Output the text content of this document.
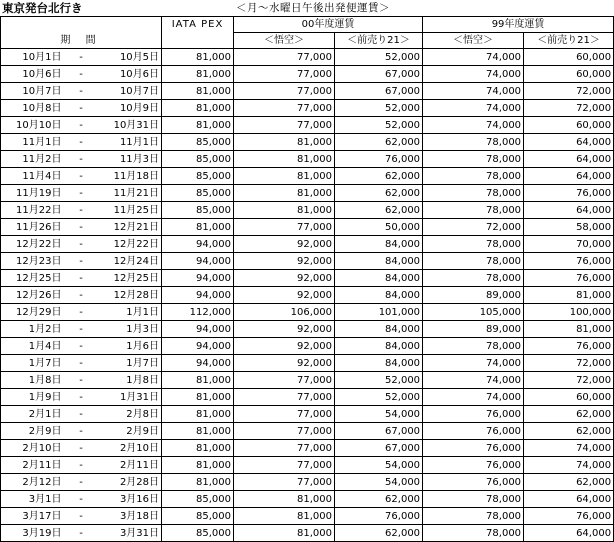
東京発台北行き	＜月～水曜日午後出発便運賃＞
			IATA PEX	00年度運賃		99年度運賃	
期 間				＜悟空＞	＜前売り21＞	＜悟空＞	＜前売り21＞
10月1日	-	10月5日	81,000	77,000	52,000	74,000	60,000
10月6日	-	10月6日	81,000	77,000	67,000	74,000	60,000
10月7日	-	10月7日	81,000	77,000	67,000	74,000	72,000
10月8日	-	10月9日	81,000	77,000	52,000	74,000	72,000
10月10日	-	10月31日	81,000	77,000	52,000	74,000	60,000
11月1日	-	11月1日	85,000	81,000	62,000	78,000	64,000
11月2日	-	11月3日	85,000	81,000	76,000	78,000	64,000
11月4日	-	11月18日	85,000	81,000	62,000	78,000	64,000
11月19日	-	11月21日	85,000	81,000	62,000	78,000	76,000
11月22日	-	11月25日	85,000	81,000	62,000	78,000	64,000
11月26日	-	12月21日	81,000	77,000	50,000	72,000	58,000
12月22日	-	12月22日	94,000	92,000	84,000	78,000	70,000
12月23日	-	12月24日	94,000	92,000	84,000	78,000	76,000
12月25日	-	12月25日	94,000	92,000	84,000	78,000	76,000
12月26日	-	12月28日	94,000	92,000	84,000	89,000	81,000
12月29日	-	1月1日	112,000	106,000	101,000	105,000	100,000
1月2日	-	1月3日	94,000	92,000	84,000	89,000	81,000
1月4日	-	1月6日	94,000	92,000	84,000	78,000	76,000
1月7日	-	1月7日	94,000	92,000	84,000	74,000	72,000
1月8日	-	1月8日	81,000	77,000	52,000	74,000	72,000
1月9日	-	1月31日	81,000	77,000	52,000	74,000	60,000
2月1日	-	2月8日	81,000	77,000	54,000	76,000	62,000
2月9日	-	2月9日	81,000	77,000	67,000	76,000	62,000
2月10日	-	2月10日	81,000	77,000	67,000	76,000	74,000
2月11日	-	2月11日	81,000	77,000	54,000	76,000	74,000
2月12日	-	2月28日	81,000	77,000	54,000	76,000	62,000
3月1日	-	3月16日	85,000	81,000	62,000	78,000	64,000
3月17日	-	3月18日	85,000	81,000	76,000	78,000	76,000
3月19日	-	3月31日	85,000	81,000	62,000	78,000	64,000
